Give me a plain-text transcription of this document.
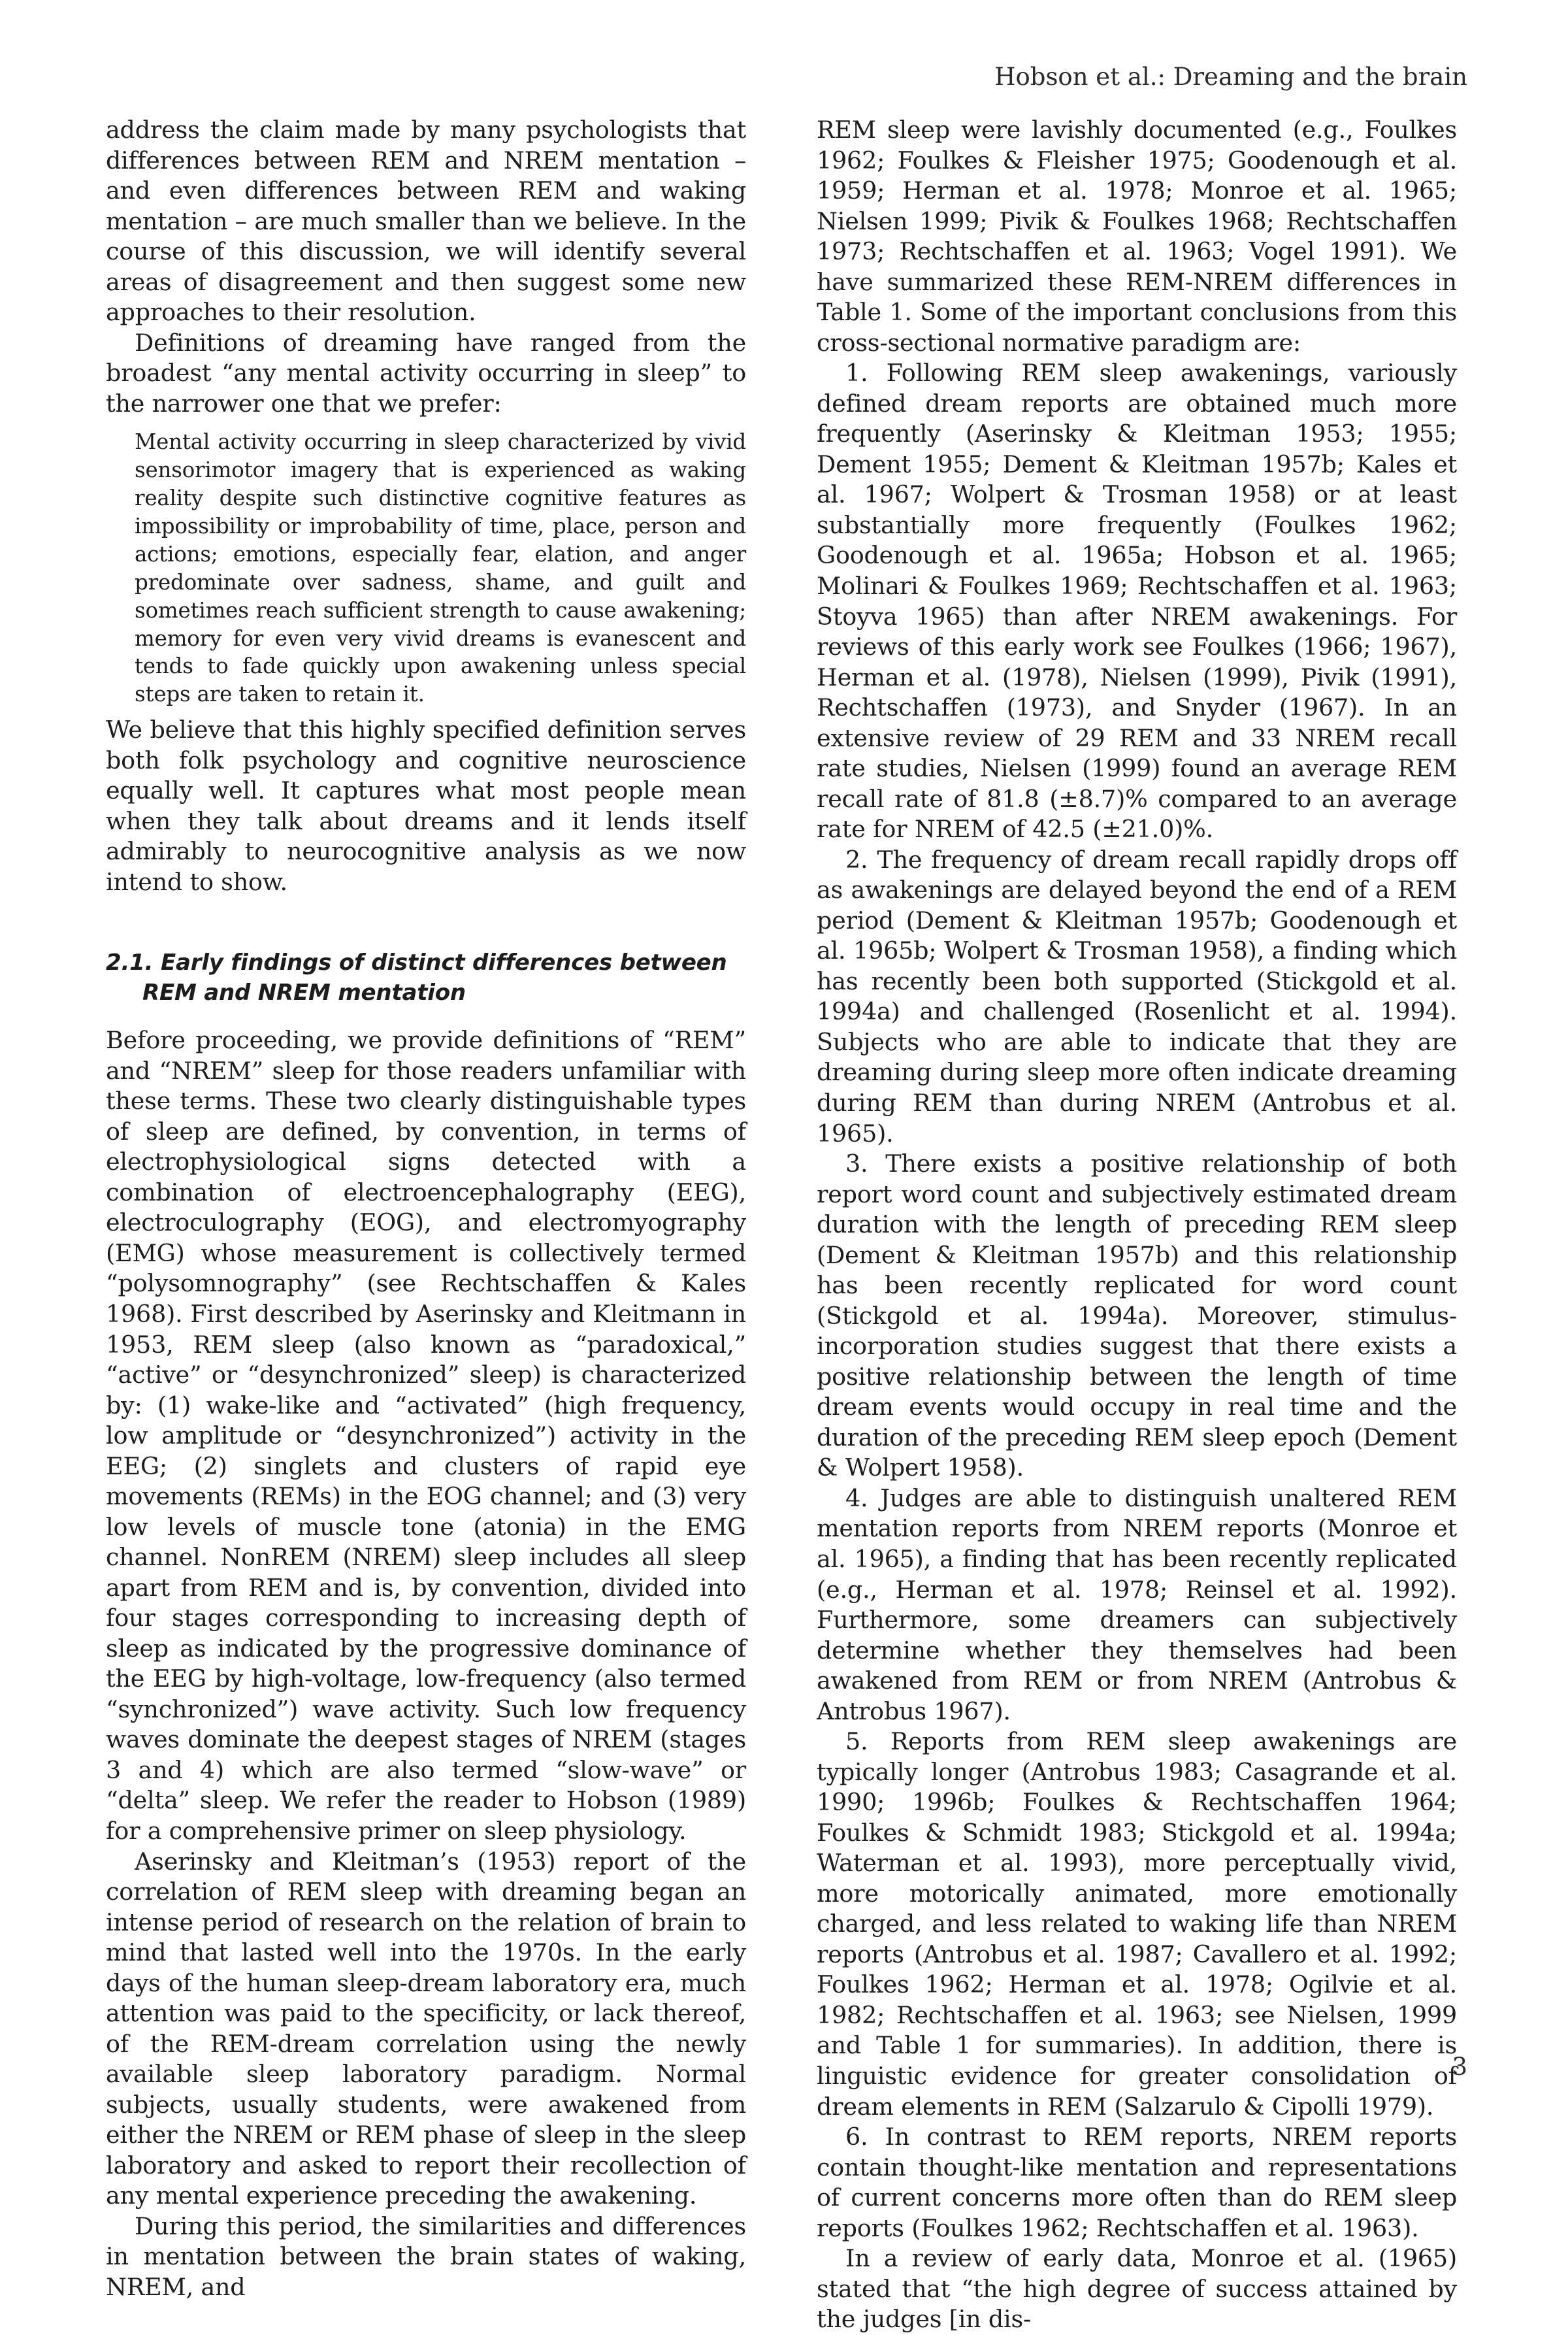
Hobson et al.: Dreaming and the brain

address the claim made by many psychologists that differences between REM and NREM mentation – and even differences between REM and waking mentation – are much smaller than we believe. In the course of this discussion, we will identify several areas of disagreement and then suggest some new approaches to their resolution.

Definitions of dreaming have ranged from the broadest “any mental activity occurring in sleep” to the narrower one that we prefer:

Mental activity occurring in sleep characterized by vivid sensorimotor imagery that is experienced as waking reality despite such distinctive cognitive features as impossibility or improbability of time, place, person and actions; emotions, especially fear, elation, and anger predominate over sadness, shame, and guilt and sometimes reach sufficient strength to cause awakening; memory for even very vivid dreams is evanescent and tends to fade quickly upon awakening unless special steps are taken to retain it.

We believe that this highly specified definition serves both folk psychology and cognitive neuroscience equally well. It captures what most people mean when they talk about dreams and it lends itself admirably to neurocognitive analysis as we now intend to show.

2.1. Early findings of distinct differences between
REM and NREM mentation

Before proceeding, we provide definitions of “REM” and “NREM” sleep for those readers unfamiliar with these terms. These two clearly distinguishable types of sleep are defined, by convention, in terms of electrophysiological signs detected with a combination of electroencephalography (EEG), electroculography (EOG), and electromyography (EMG) whose measurement is collectively termed “polysomnography” (see Rechtschaffen & Kales 1968). First described by Aserinsky and Kleitmann in 1953, REM sleep (also known as “paradoxical,” “active” or “desynchronized” sleep) is characterized by: (1) wake-like and “activated” (high frequency, low amplitude or “desynchronized”) activity in the EEG; (2) singlets and clusters of rapid eye movements (REMs) in the EOG channel; and (3) very low levels of muscle tone (atonia) in the EMG channel. NonREM (NREM) sleep includes all sleep apart from REM and is, by convention, divided into four stages corresponding to increasing depth of sleep as indicated by the progressive dominance of the EEG by high-voltage, low-frequency (also termed “synchronized”) wave activity. Such low frequency waves dominate the deepest stages of NREM (stages 3 and 4) which are also termed “slow-wave” or “delta” sleep. We refer the reader to Hobson (1989) for a comprehensive primer on sleep physiology.

Aserinsky and Kleitman’s (1953) report of the correlation of REM sleep with dreaming began an intense period of research on the relation of brain to mind that lasted well into the 1970s. In the early days of the human sleep-dream laboratory era, much attention was paid to the specificity, or lack thereof, of the REM-dream correlation using the newly available sleep laboratory paradigm. Normal subjects, usually students, were awakened from either the NREM or REM phase of sleep in the sleep laboratory and asked to report their recollection of any mental experience preceding the awakening.

During this period, the similarities and differences in mentation between the brain states of waking, NREM, and

REM sleep were lavishly documented (e.g., Foulkes 1962; Foulkes & Fleisher 1975; Goodenough et al. 1959; Herman et al. 1978; Monroe et al. 1965; Nielsen 1999; Pivik & Foulkes 1968; Rechtschaffen 1973; Rechtschaffen et al. 1963; Vogel 1991). We have summarized these REM-NREM differences in Table 1. Some of the important conclusions from this cross-sectional normative paradigm are:

1. Following REM sleep awakenings, variously defined dream reports are obtained much more frequently (Aserinsky & Kleitman 1953; 1955; Dement 1955; Dement & Kleitman 1957b; Kales et al. 1967; Wolpert & Trosman 1958) or at least substantially more frequently (Foulkes 1962; Goodenough et al. 1965a; Hobson et al. 1965; Molinari & Foulkes 1969; Rechtschaffen et al. 1963; Stoyva 1965) than after NREM awakenings. For reviews of this early work see Foulkes (1966; 1967), Herman et al. (1978), Nielsen (1999), Pivik (1991), Rechtschaffen (1973), and Snyder (1967). In an extensive review of 29 REM and 33 NREM recall rate studies, Nielsen (1999) found an average REM recall rate of 81.8 (±8.7)% compared to an average rate for NREM of 42.5 (±21.0)%.

2. The frequency of dream recall rapidly drops off as awakenings are delayed beyond the end of a REM period (Dement & Kleitman 1957b; Goodenough et al. 1965b; Wolpert & Trosman 1958), a finding which has recently been both supported (Stickgold et al. 1994a) and challenged (Rosenlicht et al. 1994). Subjects who are able to indicate that they are dreaming during sleep more often indicate dreaming during REM than during NREM (Antrobus et al. 1965).

3. There exists a positive relationship of both report word count and subjectively estimated dream duration with the length of preceding REM sleep (Dement & Kleitman 1957b) and this relationship has been recently replicated for word count (Stickgold et al. 1994a). Moreover, stimulus-incorporation studies suggest that there exists a positive relationship between the length of time dream events would occupy in real time and the duration of the preceding REM sleep epoch (Dement & Wolpert 1958).

4. Judges are able to distinguish unaltered REM mentation reports from NREM reports (Monroe et al. 1965), a finding that has been recently replicated (e.g., Herman et al. 1978; Reinsel et al. 1992). Furthermore, some dreamers can subjectively determine whether they themselves had been awakened from REM or from NREM (Antrobus & Antrobus 1967).

5. Reports from REM sleep awakenings are typically longer (Antrobus 1983; Casagrande et al. 1990; 1996b; Foulkes & Rechtschaffen 1964; Foulkes & Schmidt 1983; Stickgold et al. 1994a; Waterman et al. 1993), more perceptually vivid, more motorically animated, more emotionally charged, and less related to waking life than NREM reports (Antrobus et al. 1987; Cavallero et al. 1992; Foulkes 1962; Herman et al. 1978; Ogilvie et al. 1982; Rechtschaffen et al. 1963; see Nielsen, 1999 and Table 1 for summaries). In addition, there is linguistic evidence for greater consolidation of dream elements in REM (Salzarulo & Cipolli 1979).

6. In contrast to REM reports, NREM reports contain thought-like mentation and representations of current concerns more often than do REM sleep reports (Foulkes 1962; Rechtschaffen et al. 1963).

In a review of early data, Monroe et al. (1965) stated that “the high degree of success attained by the judges [in dis-

3
